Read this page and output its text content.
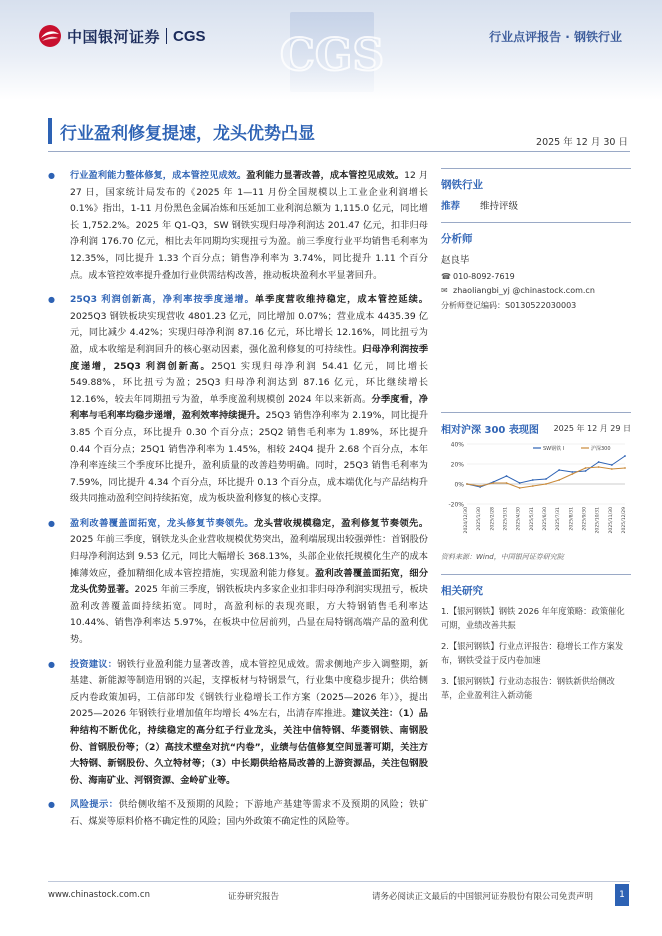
CGS
中国银河证券 CGS	行业点评报告 · 钢铁行业
行业盈利修复提速，龙头优势凸显	2025 年 12 月 30 日
● 行业盈利能力整体修复，成本管控见成效。盈利能力显著改善，成本管控见成效。12 月 27 日，国家统计局发布的《2025 年 1—11 月份全国规模以上工业企业利润增长 0.1%》指出，1-11 月份黑色金属冶炼和压延加工业利润总额为 1,115.0 亿元，同比增长 1,752.2%。2025 年 Q1-Q3，SW 钢铁实现归母净利润达 201.47 亿元，扣非归母净利润 176.70 亿元，相比去年同期均实现扭亏为盈。前三季度行业平均销售毛利率为 12.35%，同比提升 1.33 个百分点；销售净利率为 3.74%，同比提升 1.11 个百分点。成本管控效率提升叠加行业供需结构改善，推动板块盈利水平显著回升。
● 25Q3 利润创新高，净利率按季度递增。单季度营收维持稳定，成本管控延续。2025Q3 钢铁板块实现营收 4801.23 亿元，同比增加 0.07%；营业成本 4435.39 亿元，同比减少 4.42%；实现归母净利润 87.16 亿元，环比增长 12.16%，同比扭亏为盈，成本收缩是利润回升的核心驱动因素，强化盈利修复的可持续性。归母净利润按季度递增，25Q3 利润创新高。25Q1 实现归母净利润 54.41 亿元，同比增长 549.88%，环比扭亏为盈；25Q3 归母净利润达到 87.16 亿元，环比继续增长 12.16%，较去年同期扭亏为盈，单季度盈利规模创 2024 年以来新高。分季度看，净利率与毛利率均稳步递增，盈利效率持续提升。25Q3 销售净利率为 2.19%，同比提升 3.85 个百分点，环比提升 0.30 个百分点；25Q2 销售毛利率为 1.89%，环比提升 0.44 个百分点；25Q1 销售净利率为 1.45%，相较 24Q4 提升 2.68 个百分点，本年净利率连续三个季度环比提升，盈利质量的改善趋势明确。同时，25Q3 销售毛利率为 7.59%，同比提升 4.34 个百分点，环比提升 0.13 个百分点，成本端优化与产品结构升级共同推动盈利空间持续拓宽，成为板块盈利修复的核心支撑。
● 盈利改善覆盖面拓宽，龙头修复节奏领先。龙头营收规模稳定，盈利修复节奏领先。2025 年前三季度，钢铁龙头企业营收规模优势突出，盈利端展现出较强弹性：首钢股份归母净利润达到 9.53 亿元，同比大幅增长 368.13%，头部企业依托规模化生产的成本摊薄效应，叠加精细化成本管控措施，实现盈利能力修复。盈利改善覆盖面拓宽，细分龙头优势显著。2025 年前三季度，钢铁板块内多家企业扣非归母净利润实现扭亏，板块盈利改善覆盖面持续拓宽。同时，高盈利标的表现亮眼，方大特钢销售毛利率达 10.44%、销售净利率达 5.97%，在板块中位居前列，凸显在局特钢高端产品的盈利优势。
● 投资建议：钢铁行业盈利能力显著改善，成本管控见成效。需求侧地产步入调整期，新基建、新能源等制造用钢的兴起，支撑板材与特钢景气，行业集中度稳步提升；供给侧反内卷政策加码，工信部印发《钢铁行业稳增长工作方案（2025—2026 年）》，提出 2025—2026 年钢铁行业增加值年均增长 4%左右，出清存库推进。建议关注：（1）品种结构不断优化，持续稳定的高分红子行业龙头，关注中信特钢、华菱钢铁、南钢股份、首钢股份等；（2）高技术壁垒对抗“内卷”，业绩与估值修复空间显著可期，关注方大特钢、新钢股份、久立特材等；（3）中长期供给格局改善的上游资源品，关注包钢股份、海南矿业、河钢资源、金岭矿业等。
● 风险提示：供给侧收缩不及预期的风险；下游地产基建等需求不及预期的风险；铁矿石、煤炭等原料价格不确定性的风险；国内外政策不确定性的风险等。
钢铁行业
推荐 维持评级
分析师
赵良毕
☎ 010-8092-7619
✉ zhaoliangbi_yj @chinastock.com.cn
分析师登记编码：S0130522030003
相对沪深 300 表现图 2025 年 12 月 29 日
40%
20%
0%
-20%
2024/12/30 2025/1/30 2025/2/28 2025/3/31 2025/4/30 2025/5/31 2025/6/30 2025/7/31 2025/8/31 2025/9/30 2025/10/31 2025/11/30 2025/12/29
SW钢铁 I	沪深300
资料来源：Wind，中国银河证券研究院
相关研究
1.【银河钢铁】钢铁 2026 年年度策略：政策催化可期，业绩改善共振
2.【银河钢铁】行业点评报告：稳增长工作方案发布，钢铁受益于反内卷加速
3.【银河钢铁】行业动态报告：钢铁新供给侧改革，企业盈利注入新动能
www.chinastock.com.cn	证券研究报告	请务必阅读正文最后的中国银河证券股份有限公司免责声明	1
